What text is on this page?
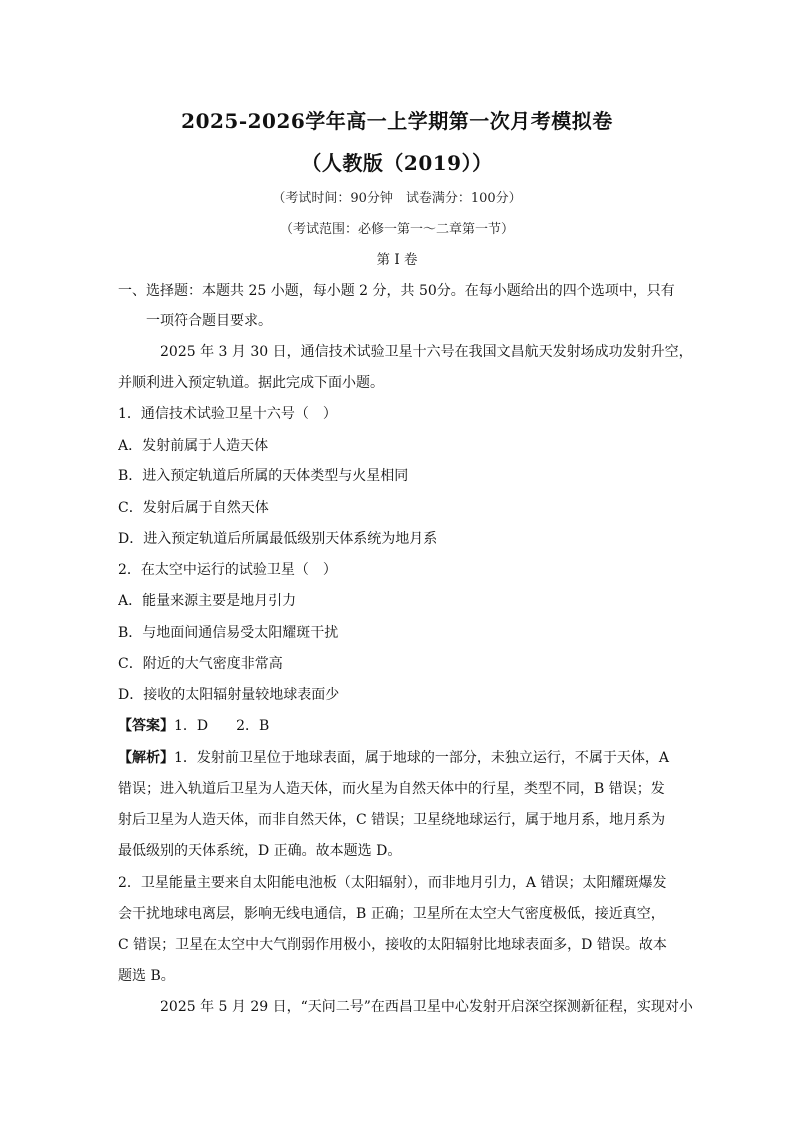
2025-2026学年高一上学期第一次月考模拟卷
（人教版（2019））
（考试时间：90分钟　试卷满分：100分）
（考试范围：必修一第一～二章第一节）
第 I 卷
一、选择题：本题共 25 小题，每小题 2 分，共 50分。在每小题给出的四个选项中，只有
一项符合题目要求。
2025 年 3 月 30 日，通信技术试验卫星十六号在我国文昌航天发射场成功发射升空，
并顺利进入预定轨道。据此完成下面小题。
1．通信技术试验卫星十六号（　）
A．发射前属于人造天体
B．进入预定轨道后所属的天体类型与火星相同
C．发射后属于自然天体
D．进入预定轨道后所属最低级别天体系统为地月系
2．在太空中运行的试验卫星（　）
A．能量来源主要是地月引力
B．与地面间通信易受太阳耀斑干扰
C．附近的大气密度非常高
D．接收的太阳辐射量较地球表面少
【答案】1．D　　2．B
【解析】1．发射前卫星位于地球表面，属于地球的一部分，未独立运行，不属于天体，A
错误；进入轨道后卫星为人造天体，而火星为自然天体中的行星，类型不同，B 错误；发
射后卫星为人造天体，而非自然天体，C 错误；卫星绕地球运行，属于地月系，地月系为
最低级别的天体系统，D 正确。故本题选 D。
2．卫星能量主要来自太阳能电池板（太阳辐射），而非地月引力，A 错误；太阳耀斑爆发
会干扰地球电离层，影响无线电通信，B 正确；卫星所在太空大气密度极低，接近真空，
C 错误；卫星在太空中大气削弱作用极小，接收的太阳辐射比地球表面多，D 错误。故本
题选 B。
2025 年 5 月 29 日，“天问二号”在西昌卫星中心发射开启深空探测新征程，实现对小
